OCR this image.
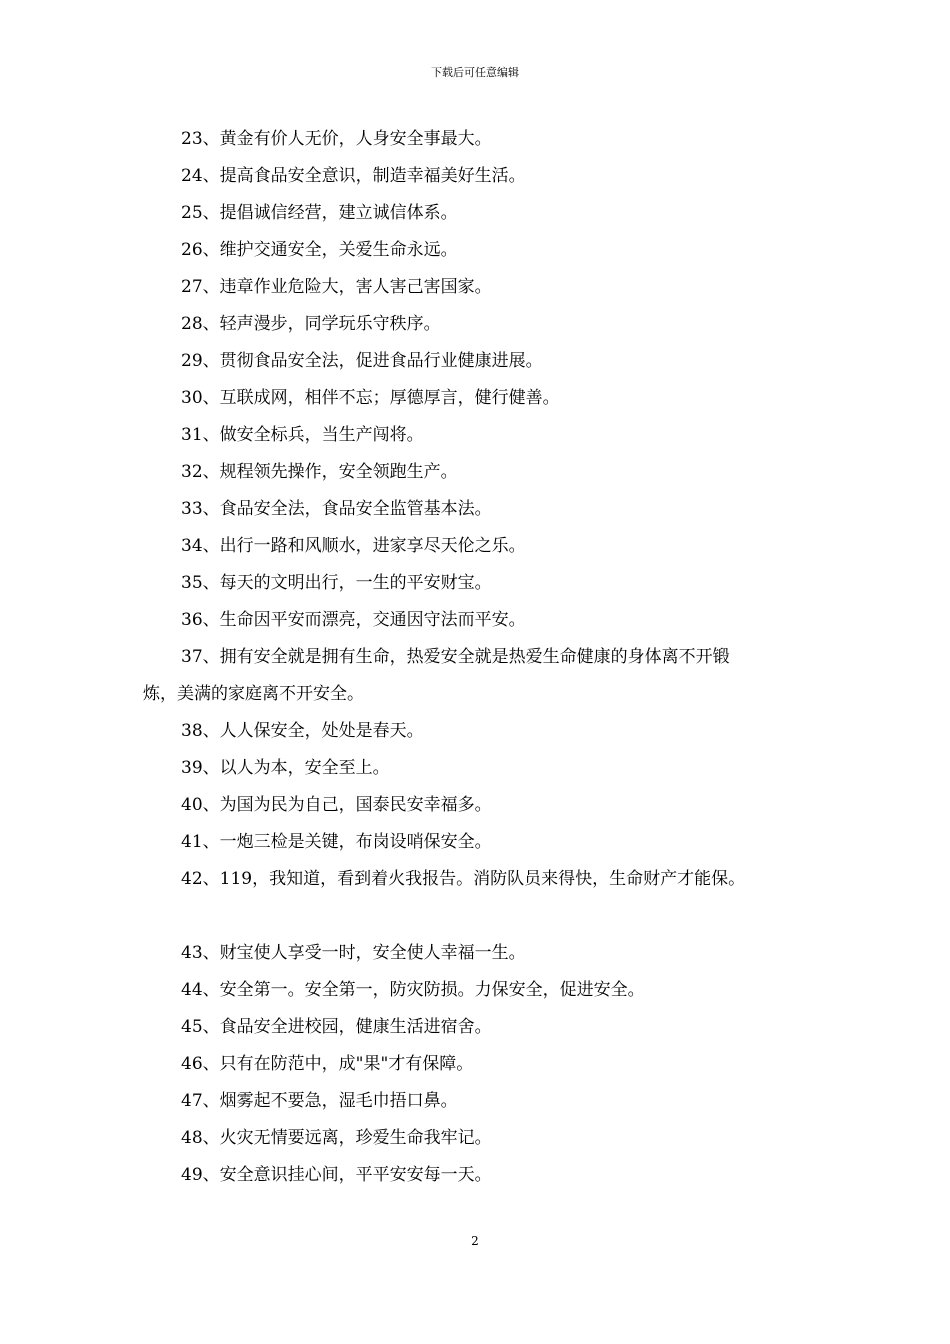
下载后可任意编辑
23、黄金有价人无价，人身安全事最大。
24、提高食品安全意识，制造幸福美好生活。
25、提倡诚信经营，建立诚信体系。
26、维护交通安全，关爱生命永远。
27、违章作业危险大，害人害己害国家。
28、轻声漫步，同学玩乐守秩序。
29、贯彻食品安全法，促进食品行业健康进展。
30、互联成网，相伴不忘；厚德厚言，健行健善。
31、做安全标兵，当生产闯将。
32、规程领先操作，安全领跑生产。
33、食品安全法，食品安全监管基本法。
34、出行一路和风顺水，进家享尽天伦之乐。
35、每天的文明出行，一生的平安财宝。
36、生命因平安而漂亮，交通因守法而平安。
37、拥有安全就是拥有生命，热爱安全就是热爱生命健康的身体离不开锻
炼，美满的家庭离不开安全。
38、人人保安全，处处是春天。
39、以人为本，安全至上。
40、为国为民为自己，国泰民安幸福多。
41、一炮三检是关键，布岗设哨保安全。
42、119，我知道，看到着火我报告。消防队员来得快，生命财产才能保。
43、财宝使人享受一时，安全使人幸福一生。
44、安全第一。安全第一，防灾防损。力保安全，促进安全。
45、食品安全进校园，健康生活进宿舍。
46、只有在防范中，成"果"才有保障。
47、烟雾起不要急，湿毛巾捂口鼻。
48、火灾无情要远离，珍爱生命我牢记。
49、安全意识挂心间，平平安安每一天。
2
